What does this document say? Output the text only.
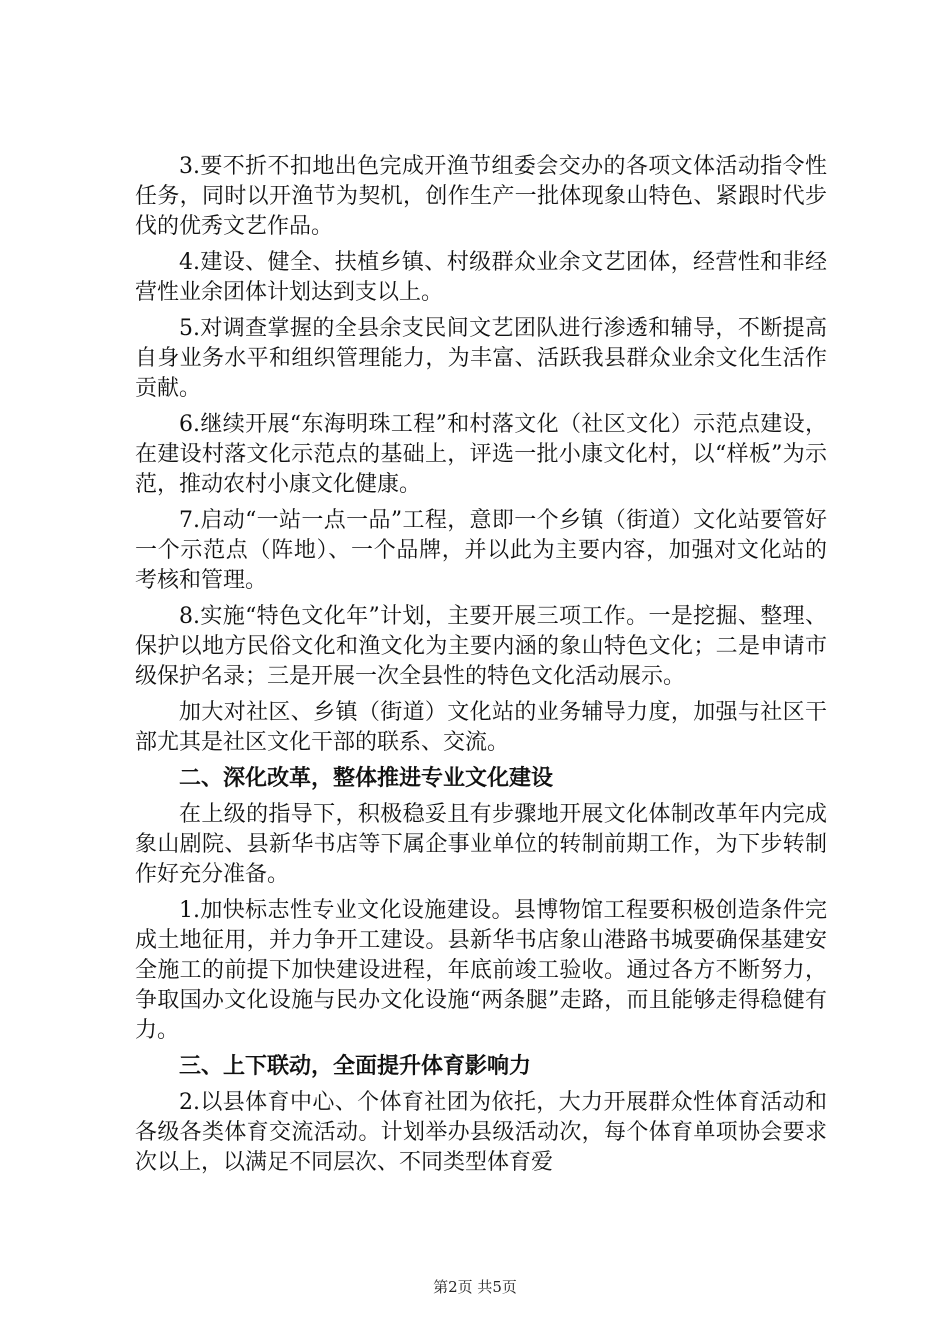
3.要不折不扣地出色完成开渔节组委会交办的各项文体活动指令性任务，同时以开渔节为契机，创作生产一批体现象山特色、紧跟时代步伐的优秀文艺作品。

4.建设、健全、扶植乡镇、村级群众业余文艺团体，经营性和非经营性业余团体计划达到支以上。

5.对调查掌握的全县余支民间文艺团队进行渗透和辅导，不断提高自身业务水平和组织管理能力，为丰富、活跃我县群众业余文化生活作贡献。

6.继续开展“东海明珠工程”和村落文化（社区文化）示范点建设，在建设村落文化示范点的基础上，评选一批小康文化村，以“样板”为示范，推动农村小康文化健康。

7.启动“一站一点一品”工程，意即一个乡镇（街道）文化站要管好一个示范点（阵地）、一个品牌，并以此为主要内容，加强对文化站的考核和管理。

8.实施“特色文化年”计划，主要开展三项工作。一是挖掘、整理、保护以地方民俗文化和渔文化为主要内涵的象山特色文化；二是申请市级保护名录；三是开展一次全县性的特色文化活动展示。

加大对社区、乡镇（街道）文化站的业务辅导力度，加强与社区干部尤其是社区文化干部的联系、交流。

二、深化改革，整体推进专业文化建设

在上级的指导下，积极稳妥且有步骤地开展文化体制改革年内完成象山剧院、县新华书店等下属企事业单位的转制前期工作，为下步转制作好充分准备。

1.加快标志性专业文化设施建设。县博物馆工程要积极创造条件完成土地征用，并力争开工建设。县新华书店象山港路书城要确保基建安全施工的前提下加快建设进程，年底前竣工验收。通过各方不断努力，争取国办文化设施与民办文化设施“两条腿”走路，而且能够走得稳健有力。

三、上下联动，全面提升体育影响力

2.以县体育中心、个体育社团为依托，大力开展群众性体育活动和各级各类体育交流活动。计划举办县级活动次，每个体育单项协会要求次以上，以满足不同层次、不同类型体育爱

第2页 共5页
